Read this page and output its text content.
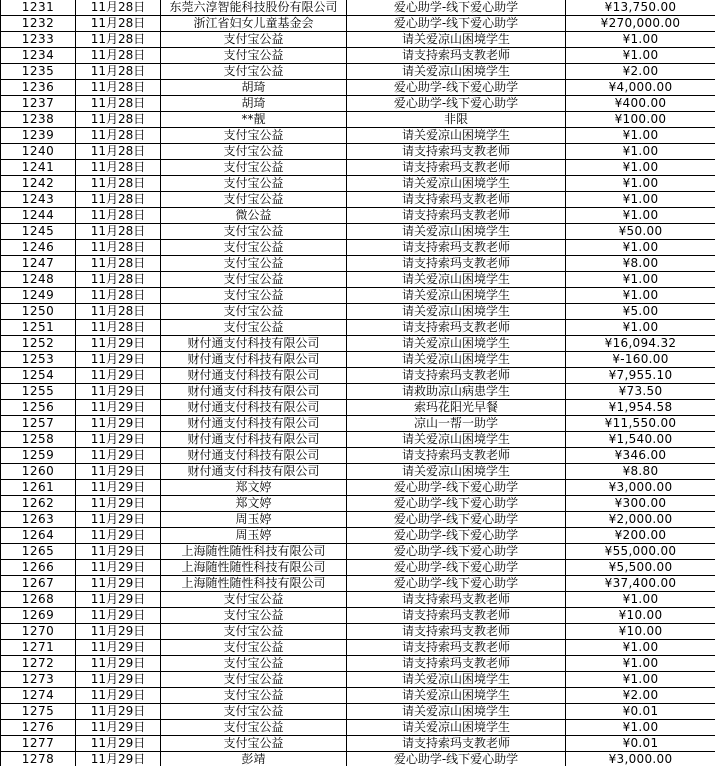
1231	11月28日	东莞六淳智能科技股份有限公司	爱心助学-线下爱心助学	¥13,750.00
1232	11月28日	浙江省妇女儿童基金会	爱心助学-线下爱心助学	¥270,000.00
1233	11月28日	支付宝公益	请关爱凉山困境学生	¥1.00
1234	11月28日	支付宝公益	请支持索玛支教老师	¥1.00
1235	11月28日	支付宝公益	请关爱凉山困境学生	¥2.00
1236	11月28日	胡琦	爱心助学-线下爱心助学	¥4,000.00
1237	11月28日	胡琦	爱心助学-线下爱心助学	¥400.00
1238	11月28日	**靓	非限	¥100.00
1239	11月28日	支付宝公益	请关爱凉山困境学生	¥1.00
1240	11月28日	支付宝公益	请支持索玛支教老师	¥1.00
1241	11月28日	支付宝公益	请支持索玛支教老师	¥1.00
1242	11月28日	支付宝公益	请关爱凉山困境学生	¥1.00
1243	11月28日	支付宝公益	请支持索玛支教老师	¥1.00
1244	11月28日	微公益	请支持索玛支教老师	¥1.00
1245	11月28日	支付宝公益	请关爱凉山困境学生	¥50.00
1246	11月28日	支付宝公益	请支持索玛支教老师	¥1.00
1247	11月28日	支付宝公益	请支持索玛支教老师	¥8.00
1248	11月28日	支付宝公益	请关爱凉山困境学生	¥1.00
1249	11月28日	支付宝公益	请关爱凉山困境学生	¥1.00
1250	11月28日	支付宝公益	请关爱凉山困境学生	¥5.00
1251	11月28日	支付宝公益	请支持索玛支教老师	¥1.00
1252	11月29日	财付通支付科技有限公司	请关爱凉山困境学生	¥16,094.32
1253	11月29日	财付通支付科技有限公司	请关爱凉山困境学生	¥-160.00
1254	11月29日	财付通支付科技有限公司	请支持索玛支教老师	¥7,955.10
1255	11月29日	财付通支付科技有限公司	请救助凉山病患学生	¥73.50
1256	11月29日	财付通支付科技有限公司	索玛花阳光早餐	¥1,954.58
1257	11月29日	财付通支付科技有限公司	凉山一帮一助学	¥11,550.00
1258	11月29日	财付通支付科技有限公司	请关爱凉山困境学生	¥1,540.00
1259	11月29日	财付通支付科技有限公司	请支持索玛支教老师	¥346.00
1260	11月29日	财付通支付科技有限公司	请关爱凉山困境学生	¥8.80
1261	11月29日	郑文婷	爱心助学-线下爱心助学	¥3,000.00
1262	11月29日	郑文婷	爱心助学-线下爱心助学	¥300.00
1263	11月29日	周玉婷	爱心助学-线下爱心助学	¥2,000.00
1264	11月29日	周玉婷	爱心助学-线下爱心助学	¥200.00
1265	11月29日	上海随性随性科技有限公司	爱心助学-线下爱心助学	¥55,000.00
1266	11月29日	上海随性随性科技有限公司	爱心助学-线下爱心助学	¥5,500.00
1267	11月29日	上海随性随性科技有限公司	爱心助学-线下爱心助学	¥37,400.00
1268	11月29日	支付宝公益	请支持索玛支教老师	¥1.00
1269	11月29日	支付宝公益	请支持索玛支教老师	¥10.00
1270	11月29日	支付宝公益	请支持索玛支教老师	¥10.00
1271	11月29日	支付宝公益	请支持索玛支教老师	¥1.00
1272	11月29日	支付宝公益	请支持索玛支教老师	¥1.00
1273	11月29日	支付宝公益	请关爱凉山困境学生	¥1.00
1274	11月29日	支付宝公益	请关爱凉山困境学生	¥2.00
1275	11月29日	支付宝公益	请关爱凉山困境学生	¥0.01
1276	11月29日	支付宝公益	请关爱凉山困境学生	¥1.00
1277	11月29日	支付宝公益	请支持索玛支教老师	¥0.01
1278	11月29日	彭靖	爱心助学-线下爱心助学	¥3,000.00
